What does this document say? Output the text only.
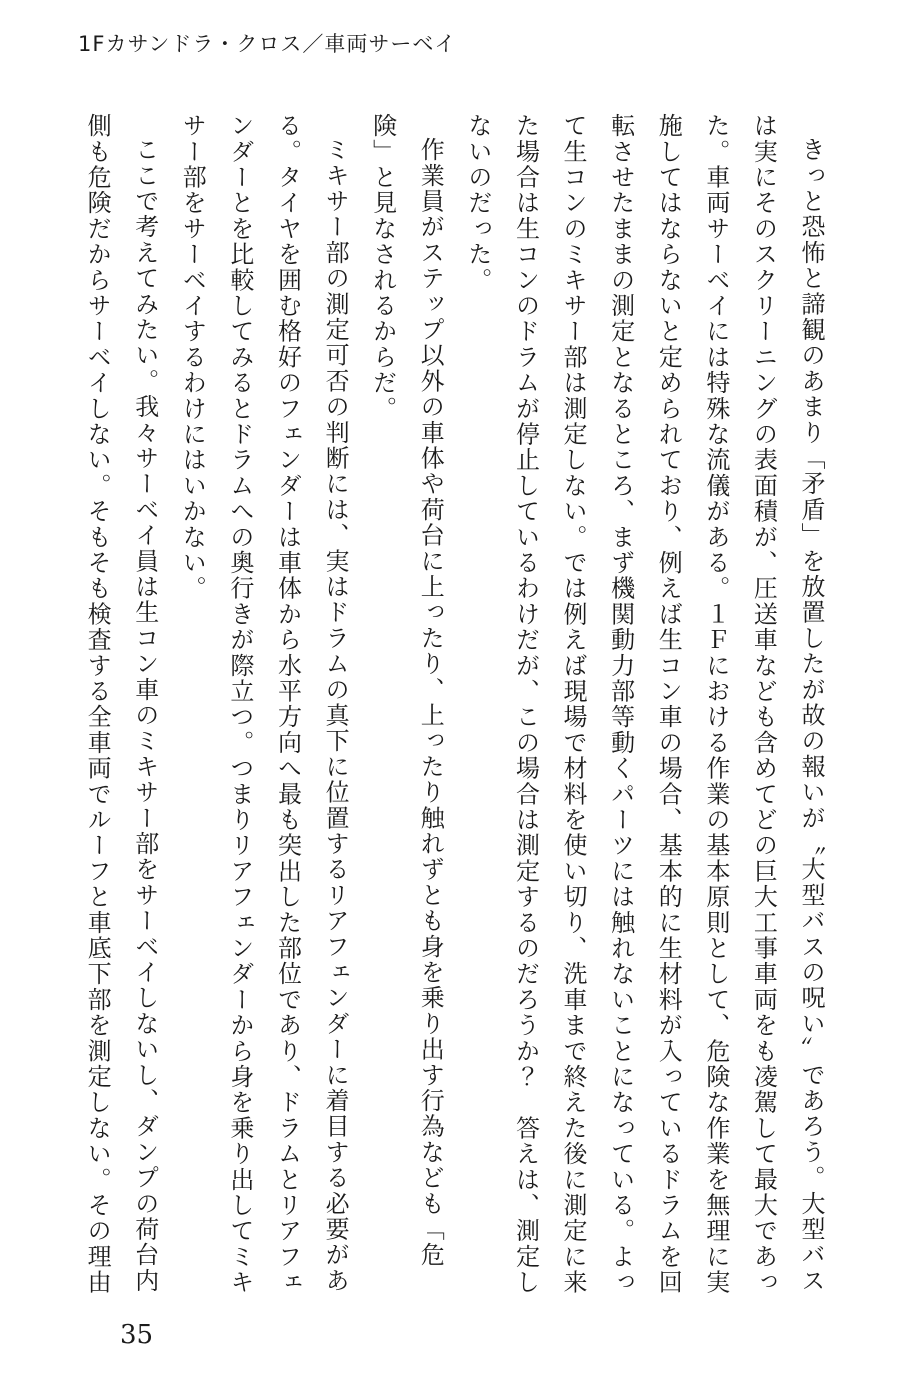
1Fカサンドラ・クロス／車両サーベイ

きっと恐怖と諦観のあまり「矛盾」を放置したが故の報いが〝大型バスの呪い〟であろう。大型バスは実にそのスクリーニングの表面積が、圧送車なども含めてどの巨大工事車両をも凌駕して最大であった。車両サーベイには特殊な流儀がある。１Ｆにおける作業の基本原則として、危険な作業を無理に実施してはならないと定められており、例えば生コン車の場合、基本的に生材料が入っているドラムを回転させたままの測定となるところ、まず機関動力部等動くパーツには触れないことになっている。よって生コンのミキサー部は測定しない。では例えば現場で材料を使い切り、洗車まで終えた後に測定に来た場合は生コンのドラムが停止しているわけだが、この場合は測定するのだろうか？　答えは、測定しないのだった。

作業員がステップ以外の車体や荷台に上ったり、上ったり触れずとも身を乗り出す行為なども「危険」と見なされるからだ。

ミキサー部の測定可否の判断には、実はドラムの真下に位置するリアフェンダーに着目する必要がある。タイヤを囲む格好のフェンダーは車体から水平方向へ最も突出した部位であり、ドラムとリアフェンダーとを比較してみるとドラムへの奥行きが際立つ。つまりリアフェンダーから身を乗り出してミキサー部をサーベイするわけにはいかない。

ここで考えてみたい。我々サーベイ員は生コン車のミキサー部をサーベイしないし、ダンプの荷台内側も危険だからサーベイしない。そもそも検査する全車両でルーフと車底下部を測定しない。その理由

35
